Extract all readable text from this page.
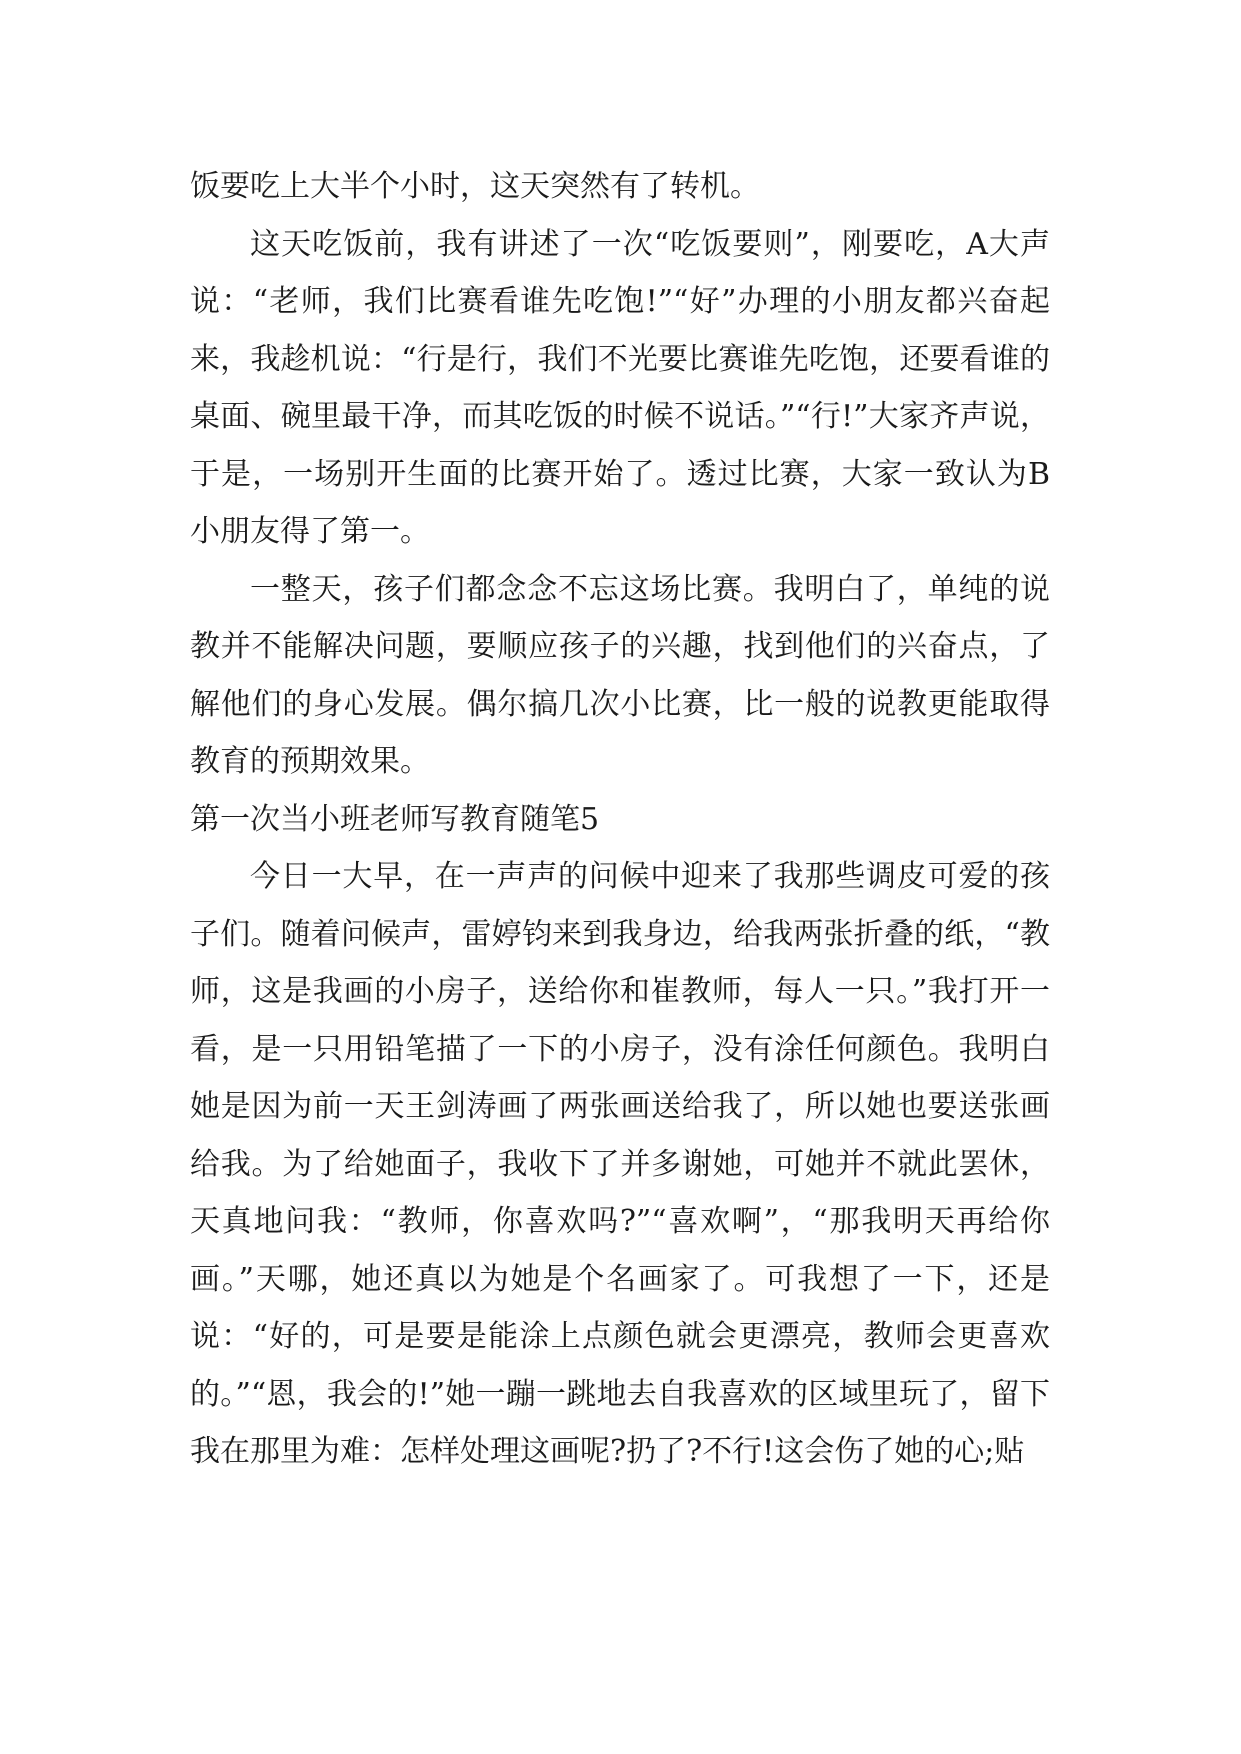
饭要吃上大半个小时，这天突然有了转机。

这天吃饭前，我有讲述了一次“吃饭要则”，刚要吃，A大声说：“老师，我们比赛看谁先吃饱!”“好”办理的小朋友都兴奋起来，我趁机说：“行是行，我们不光要比赛谁先吃饱，还要看谁的桌面、碗里最干净，而其吃饭的时候不说话。”“行!”大家齐声说，于是，一场别开生面的比赛开始了。透过比赛，大家一致认为B小朋友得了第一。

一整天，孩子们都念念不忘这场比赛。我明白了，单纯的说教并不能解决问题，要顺应孩子的兴趣，找到他们的兴奋点，了解他们的身心发展。偶尔搞几次小比赛，比一般的说教更能取得教育的预期效果。

第一次当小班老师写教育随笔5

今日一大早，在一声声的问候中迎来了我那些调皮可爱的孩子们。随着问候声，雷婷钧来到我身边，给我两张折叠的纸，“教师，这是我画的小房子，送给你和崔教师，每人一只。”我打开一看，是一只用铅笔描了一下的小房子，没有涂任何颜色。我明白她是因为前一天王剑涛画了两张画送给我了，所以她也要送张画给我。为了给她面子，我收下了并多谢她，可她并不就此罢休，天真地问我：“教师，你喜欢吗?”“喜欢啊”，“那我明天再给你画。”天哪，她还真以为她是个名画家了。可我想了一下，还是说：“好的，可是要是能涂上点颜色就会更漂亮，教师会更喜欢的。”“恩，我会的!”她一蹦一跳地去自我喜欢的区域里玩了，留下我在那里为难：怎样处理这画呢?扔了?不行!这会伤了她的心;贴
